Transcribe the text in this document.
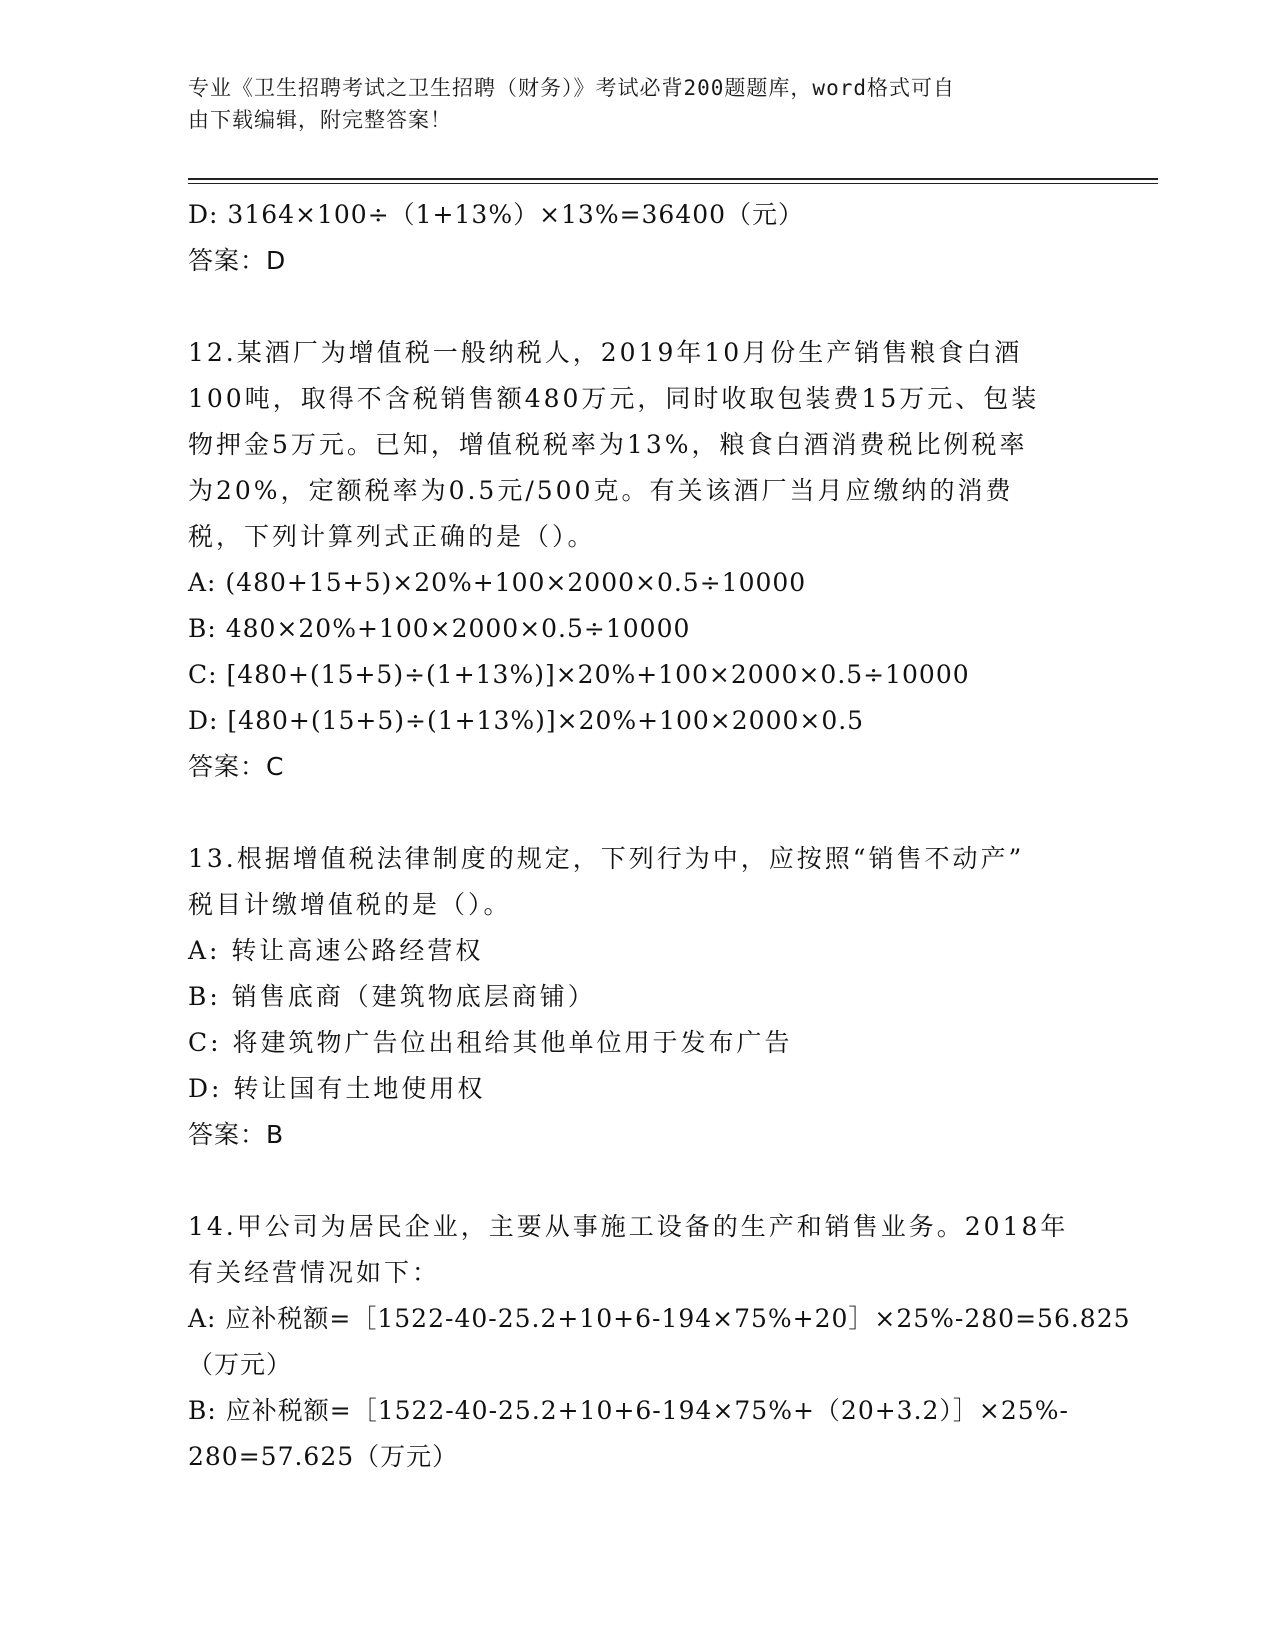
专业《卫生招聘考试之卫生招聘（财务）》考试必背200题题库，word格式可自
由下载编辑，附完整答案！
D: 3164×100÷（1+13%）×13%=36400（元）
答案：D
12.某酒厂为增值税一般纳税人，2019年10月份生产销售粮食白酒
100吨，取得不含税销售额480万元，同时收取包装费15万元、包装
物押金5万元。已知，增值税税率为13%，粮食白酒消费税比例税率
为20%，定额税率为0.5元/500克。有关该酒厂当月应缴纳的消费
税，下列计算列式正确的是（）。
A: (480+15+5)×20%+100×2000×0.5÷10000
B: 480×20%+100×2000×0.5÷10000
C: [480+(15+5)÷(1+13%)]×20%+100×2000×0.5÷10000
D: [480+(15+5)÷(1+13%)]×20%+100×2000×0.5
答案：C
13.根据增值税法律制度的规定，下列行为中，应按照“销售不动产”
税目计缴增值税的是（）。
A: 转让高速公路经营权
B: 销售底商（建筑物底层商铺）
C: 将建筑物广告位出租给其他单位用于发布广告
D: 转让国有土地使用权
答案：B
14.甲公司为居民企业，主要从事施工设备的生产和销售业务。2018年
有关经营情况如下：
A: 应补税额=［1522-40-25.2+10+6-194×75%+20］×25%-280=56.825
（万元）
B: 应补税额=［1522-40-25.2+10+6-194×75%+（20+3.2）］×25%-
280=57.625（万元）
